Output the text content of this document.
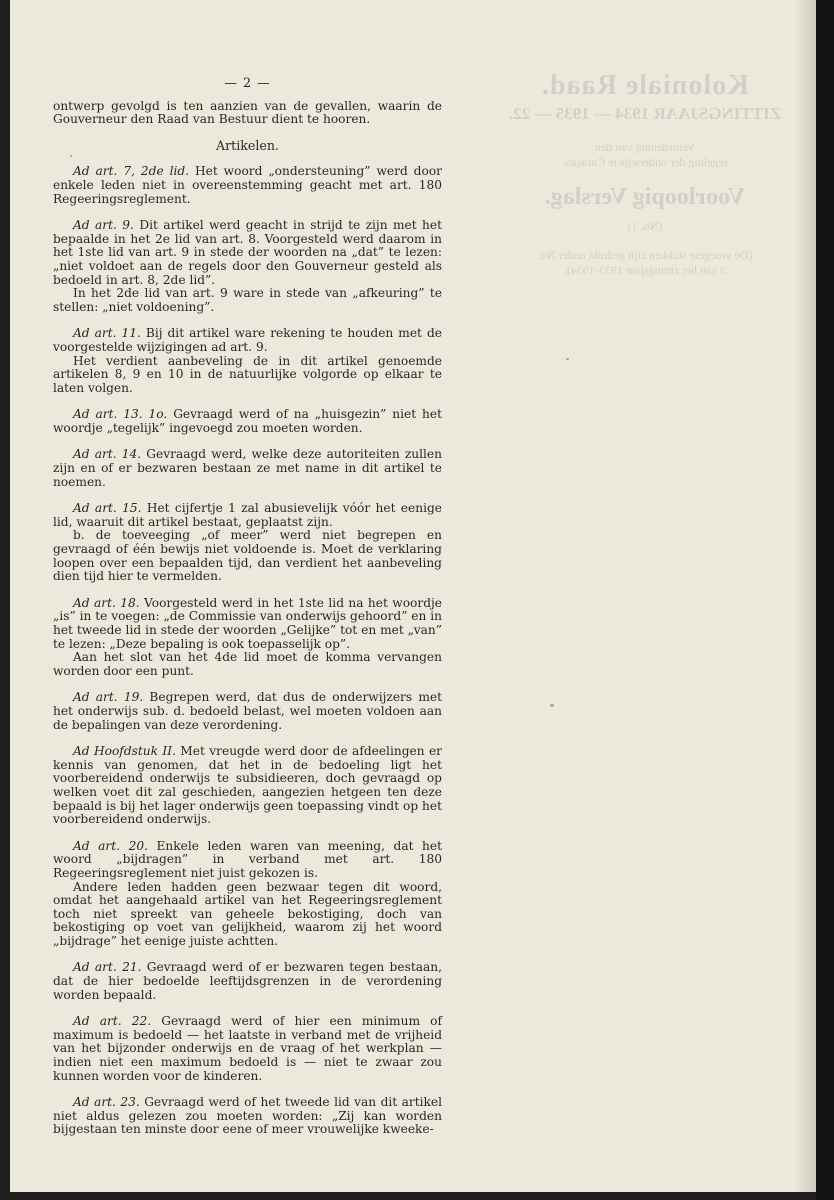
Koloniale Raad.
ZITTINGSJAAR 1934 — 1935 — 22.
Verordening van den
regeling der onderwijs te Curaçao.
Voorloopig Verslag.
(No. 1)
(De vroegere stukken zijn gedrukt onder No.
3 van het zittingsjaar 1933-1934).
— 2 —

ontwerp gevolgd is ten aanzien van de gevallen, waarin de Gouverneur den Raad van Bestuur dient te hooren.

Artikelen.

Ad art. 7, 2de lid. Het woord „ondersteuning” werd door enkele leden niet in overeenstemming geacht met art. 180 Regeeringsreglement.

Ad art. 9. Dit artikel werd geacht in strijd te zijn met het bepaalde in het 2e lid van art. 8. Voorgesteld werd daarom in het 1ste lid van art. 9 in stede der woorden na „dat” te lezen: „niet voldoet aan de regels door den Gouverneur gesteld als bedoeld in art. 8, 2de lid”.

In het 2de lid van art. 9 ware in stede van „afkeuring” te stellen: „niet voldoening”.

Ad art. 11. Bij dit artikel ware rekening te houden met de voorgestelde wijzigingen ad art. 9.

Het verdient aanbeveling de in dit artikel genoemde artikelen 8, 9 en 10 in de natuurlijke volgorde op elkaar te laten volgen.

Ad art. 13. 1o. Gevraagd werd of na „huisgezin” niet het woordje „tegelijk” ingevoegd zou moeten worden.

Ad art. 14. Gevraagd werd, welke deze autoriteiten zullen zijn en of er bezwaren bestaan ze met name in dit artikel te noemen.

Ad art. 15. Het cijfertje 1 zal abusievelijk vóór het eenige lid, waaruit dit artikel bestaat, geplaatst zijn.

b. de toeveeging „of meer” werd niet begrepen en gevraagd of één bewijs niet voldoende is. Moet de verklaring loopen over een bepaalden tijd, dan verdient het aanbeveling dien tijd hier te vermelden.

Ad art. 18. Voorgesteld werd in het 1ste lid na het woordje „is” in te voegen: „de Commissie van onderwijs gehoord” en in het tweede lid in stede der woorden „Gelijke” tot en met „van” te lezen: „Deze bepaling is ook toepasselijk op”.

Aan het slot van het 4de lid moet de komma vervangen worden door een punt.

Ad art. 19. Begrepen werd, dat dus de onderwijzers met het onderwijs sub. d. bedoeld belast, wel moeten voldoen aan de bepalingen van deze verordening.

Ad Hoofdstuk II. Met vreugde werd door de afdeelingen er kennis van genomen, dat het in de bedoeling ligt het voorbereidend onderwijs te subsidieeren, doch gevraagd op welken voet dit zal geschieden, aangezien hetgeen ten deze bepaald is bij het lager onderwijs geen toepassing vindt op het voorbereidend onderwijs.

Ad art. 20. Enkele leden waren van meening, dat het woord „bijdragen” in verband met art. 180 Regeeringsreglement niet juist gekozen is.

Andere leden hadden geen bezwaar tegen dit woord, omdat het aangehaald artikel van het Regeeringsreglement toch niet spreekt van geheele bekostiging, doch van bekostiging op voet van gelijkheid, waarom zij het woord „bijdrage” het eenige juiste achtten.

Ad art. 21. Gevraagd werd of er bezwaren tegen bestaan, dat de hier bedoelde leeftijdsgrenzen in de verordening worden bepaald.

Ad art. 22. Gevraagd werd of hier een minimum of maximum is bedoeld — het laatste in verband met de vrijheid van het bijzonder onderwijs en de vraag of het werkplan — indien niet een maximum bedoeld is — niet te zwaar zou kunnen worden voor de kinderen.

Ad art. 23. Gevraagd werd of het tweede lid van dit artikel niet aldus gelezen zou moeten worden: „Zij kan worden bijgestaan ten minste door eene of meer vrouwelijke kweeke-
